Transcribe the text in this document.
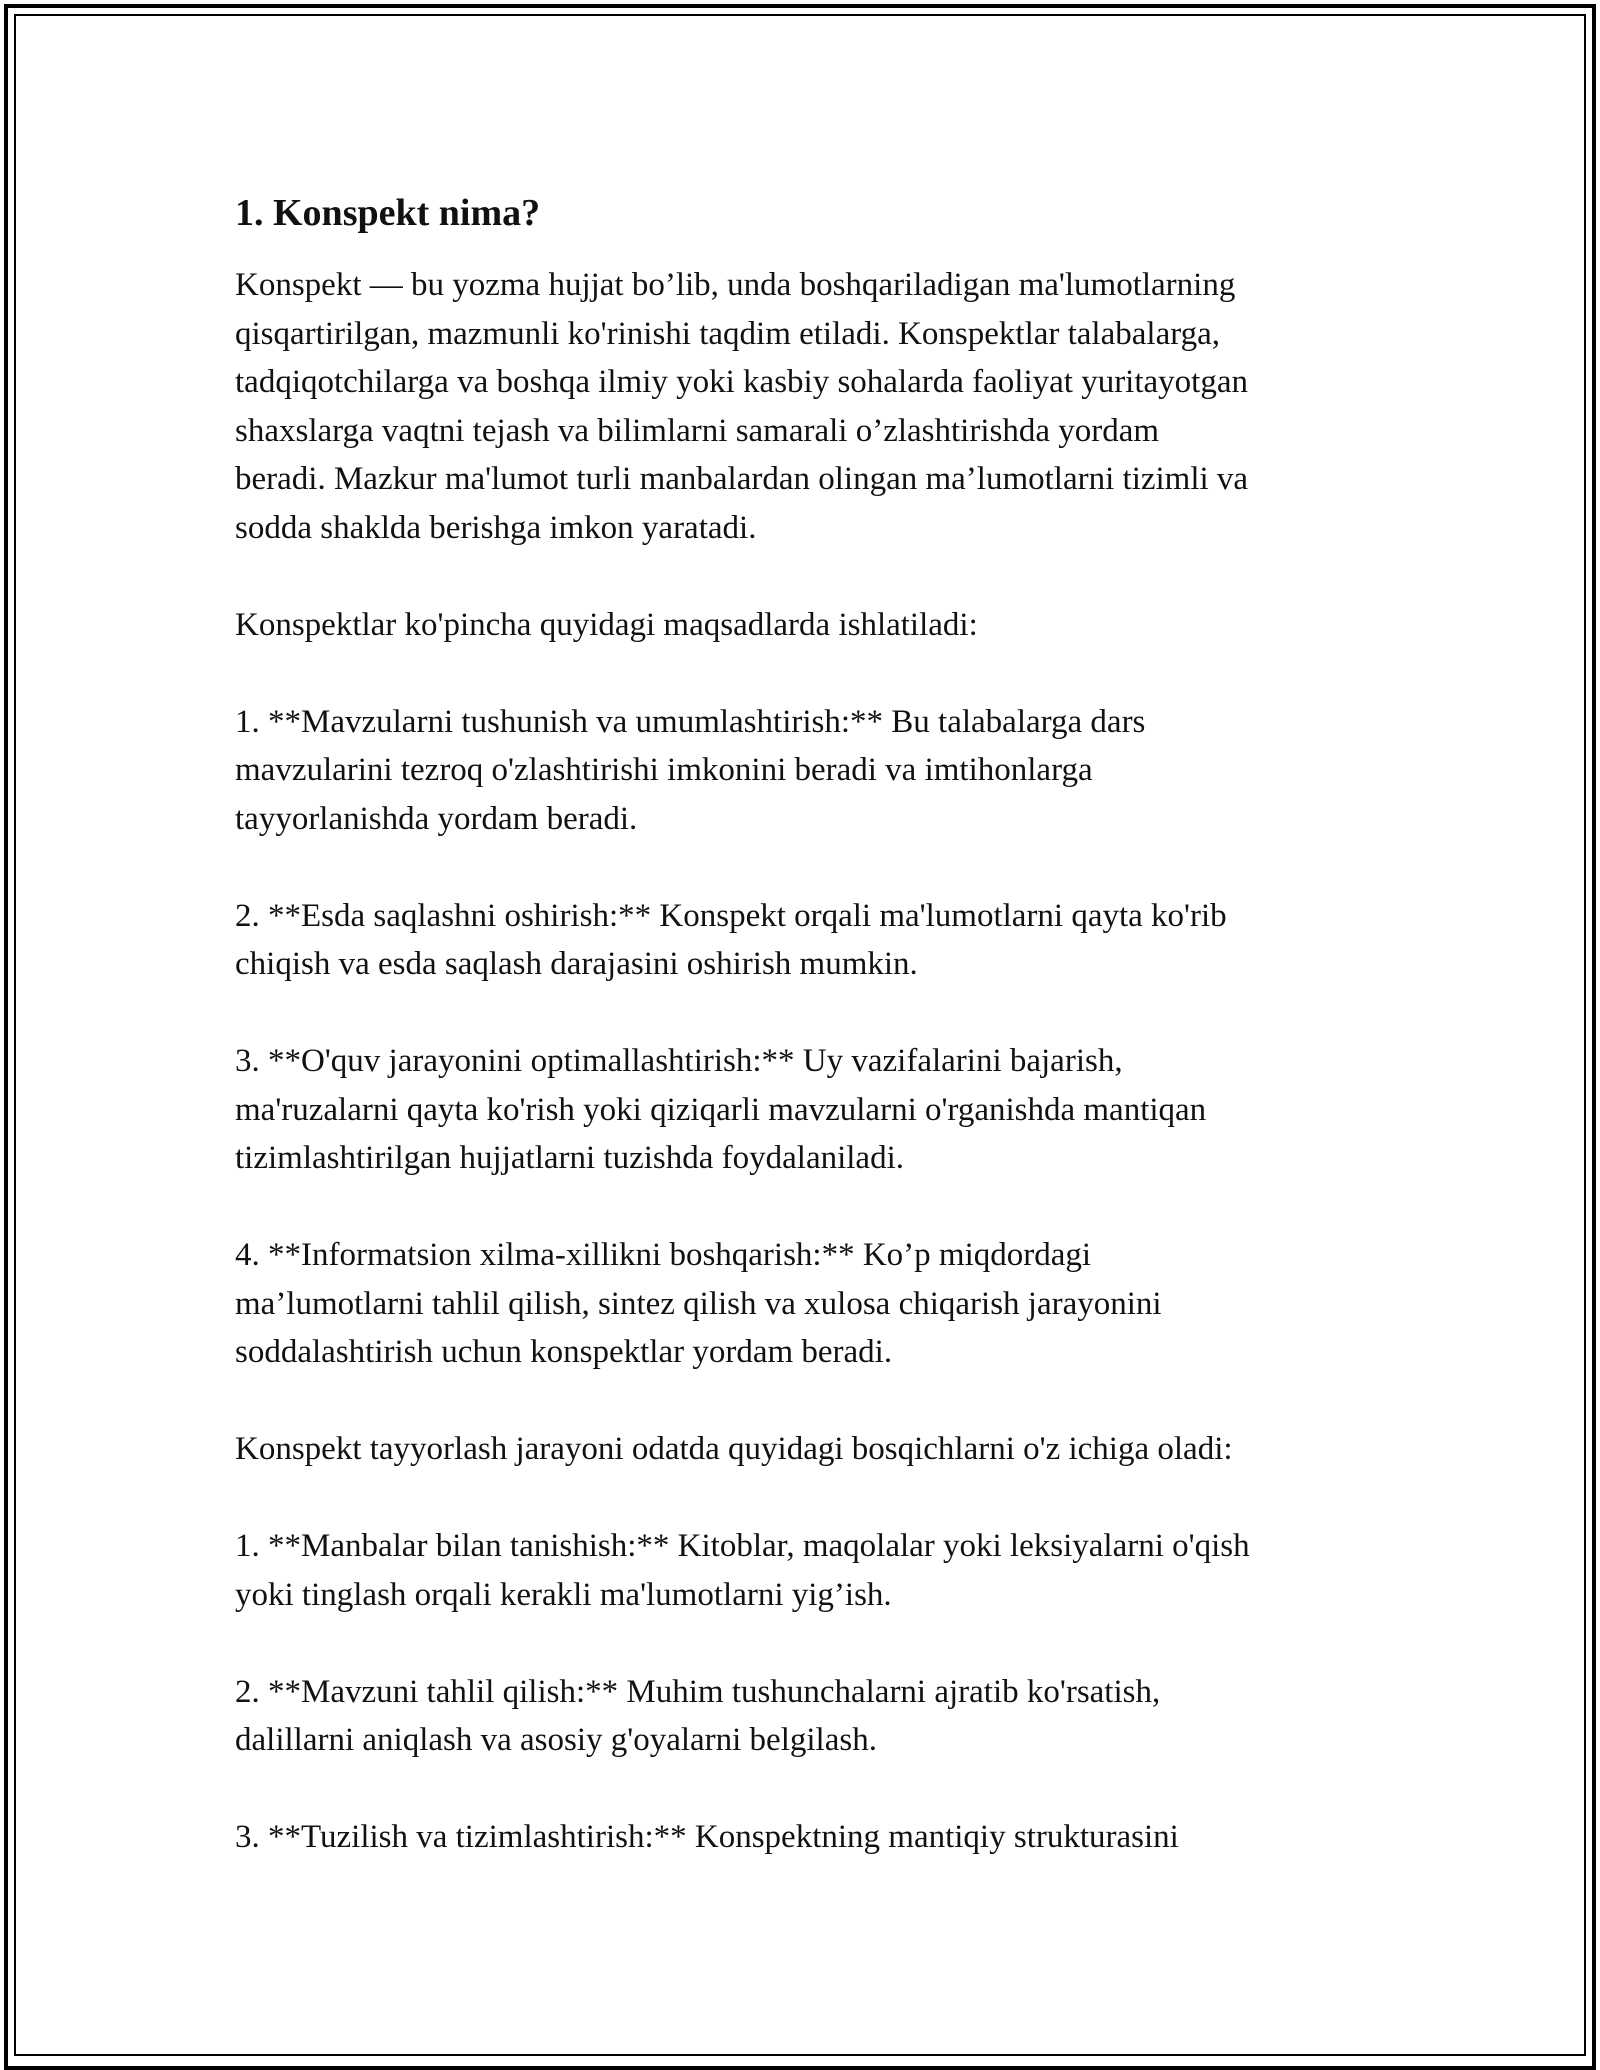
1. Konspekt nima?

Konspekt — bu yozma hujjat bo’lib, unda boshqariladigan ma'lumotlarning
qisqartirilgan, mazmunli ko'rinishi taqdim etiladi. Konspektlar talabalarga,
tadqiqotchilarga va boshqa ilmiy yoki kasbiy sohalarda faoliyat yuritayotgan
shaxslarga vaqtni tejash va bilimlarni samarali o’zlashtirishda yordam
beradi. Mazkur ma'lumot turli manbalardan olingan ma’lumotlarni tizimli va
sodda shaklda berishga imkon yaratadi.

Konspektlar ko'pincha quyidagi maqsadlarda ishlatiladi:

1. **Mavzularni tushunish va umumlashtirish:** Bu talabalarga dars
mavzularini tezroq o'zlashtirishi imkonini beradi va imtihonlarga
tayyorlanishda yordam beradi.

2. **Esda saqlashni oshirish:** Konspekt orqali ma'lumotlarni qayta ko'rib
chiqish va esda saqlash darajasini oshirish mumkin.

3. **O'quv jarayonini optimallashtirish:** Uy vazifalarini bajarish,
ma'ruzalarni qayta ko'rish yoki qiziqarli mavzularni o'rganishda mantiqan
tizimlashtirilgan hujjatlarni tuzishda foydalaniladi.

4. **Informatsion xilma-xillikni boshqarish:** Ko’p miqdordagi
ma’lumotlarni tahlil qilish, sintez qilish va xulosa chiqarish jarayonini
soddalashtirish uchun konspektlar yordam beradi.

Konspekt tayyorlash jarayoni odatda quyidagi bosqichlarni o'z ichiga oladi:

1. **Manbalar bilan tanishish:** Kitoblar, maqolalar yoki leksiyalarni o'qish
yoki tinglash orqali kerakli ma'lumotlarni yig’ish.

2. **Mavzuni tahlil qilish:** Muhim tushunchalarni ajratib ko'rsatish,
dalillarni aniqlash va asosiy g'oyalarni belgilash.

3. **Tuzilish va tizimlashtirish:** Konspektning mantiqiy strukturasini
